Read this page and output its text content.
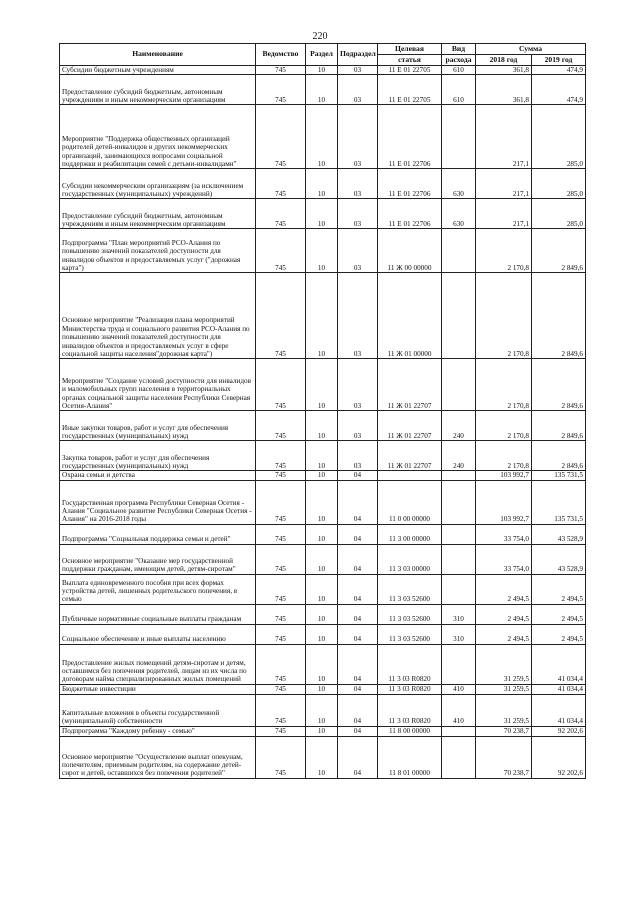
220
Наименование	Ведомство	Раздел	Подраздел	Целевая	Вид	Сумма	
				статья	расхода	2018 год	2019 год
Субсидии бюджетным учреждениям	745	10	03	11 Е 01 22705	610	361,8	474,9
Предоставление субсидий бюджетным, автономным учреждениям и иным некоммерческим организациям	745	10	03	11 Е 01 22705	610	361,8	474,9
Мероприятие "Поддержка общественных организаций родителей детей-инвалидов и других некоммерческих организаций, занимающихся вопросами социальной поддержки и реабилитации семей с детьми-инвалидами"	745	10	03	11 Е 01 22706		217,1	285,0
Субсидии некоммерческим организациям (за исключением государственных (муниципальных) учреждений)	745	10	03	11 Е 01 22706	630	217,1	285,0
Предоставление субсидий бюджетным, автономным учреждениям и иным некоммерческим организациям	745	10	03	11 Е 01 22706	630	217,1	285,0
Подпрограмма "План мероприятий РСО-Алания по повышению значений показателей доступности для инвалидов объектов и предоставляемых услуг ("дорожная карта")	745	10	03	11 Ж 00 00000		2 170,8	2 849,6
Основное мероприятие "Реализация плана мероприятий Министерства труда и социального развития РСО-Алания по повышению значений показателей доступности для инвалидов объектов и предоставляемых услуг в сфере социальной защиты населения"дорожная карта")	745	10	03	11 Ж 01 00000		2 170,8	2 849,6
Мероприятие "Создание условий доступности для инвалидов и маломобильных групп населения в территориальных органах социальной защиты населения Республики Северная Осетия-Алания"	745	10	03	11 Ж 01 22707		2 170,8	2 849,6
Иные закупки товаров, работ и услуг для обеспечения государственных (муниципальных) нужд	745	10	03	11 Ж 01 22707	240	2 170,8	2 849,6
Закупка товаров, работ и услуг для обеспечения государственных (муниципальных) нужд	745	10	03	11 Ж 01 22707	240	2 170,8	2 849,6
Охрана семьи и детства	745	10	04			103 992,7	135 731,5
Государственная программа Республики Северная Осетия - Алания "Социальное развитие Республики Северная Осетия - Алания" на 2016-2018 годы	745	10	04	11 0 00 00000		103 992,7	135 731,5
Подпрограмма "Социальная поддержка семьи и детей"	745	10	04	11 3 00 00000		33 754,0	43 528,9
Основное мероприятие "Оказание мер государственной поддержки гражданам, имеющим детей, детям-сиротам"	745	10	04	11 3 03 00000		33 754,0	43 528,9
Выплата единовременного пособия при всех формах устройства детей, лишенных родительского попечения, в семью	745	10	04	11 3 03 52600		2 494,5	2 494,5
Публичные нормативные социальные выплаты гражданам	745	10	04	11 3 03 52600	310	2 494,5	2 494,5
Социальное обеспечение и иные выплаты населению	745	10	04	11 3 03 52600	310	2 494,5	2 494,5
Предоставление жилых помещений детям-сиротам и детям, оставшимся без попечения родителей, лицам из их числа по договорам найма специализированных жилых помещений	745	10	04	11 3 03 R0820		31 259,5	41 034,4
Бюджетные инвестиции	745	10	04	11 3 03 R0820	410	31 259,5	41 034,4
Капитальные вложения в объекты государственной (муниципальной) собственности	745	10	04	11 3 03 R0820	410	31 259,5	41 034,4
Подпрограмма "Каждому ребенку - семью"	745	10	04	11 8 00 00000		70 238,7	92 202,6
Основное мероприятие "Осуществление выплат опекунам, попечителям, приемным родителям, на содержание детей-сирот и детей, оставшихся без попечения родителей"	745	10	04	11 8 01 00000		70 238,7	92 202,6
